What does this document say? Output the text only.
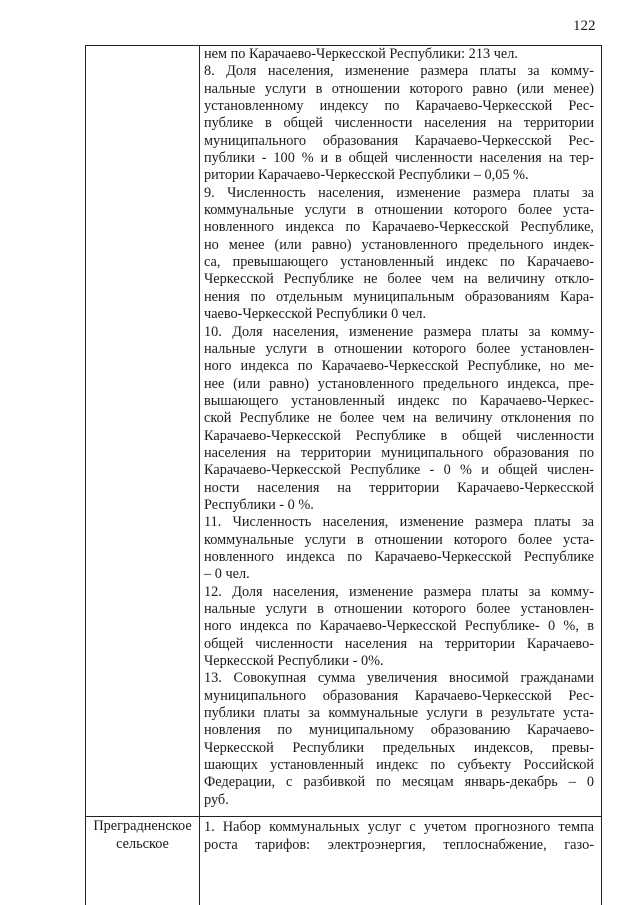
122
нем по Карачаево-Черкесской Республики: 213 чел.
8. Доля населения, изменение размера платы за комму-
нальные услуги в отношении которого равно (или менее)
установленному индексу по Карачаево-Черкесской Рес-
публике в общей численности населения на территории
муниципального образования Карачаево-Черкесской Рес-
публики - 100 % и в общей численности населения на тер-
ритории Карачаево-Черкесской Республики – 0,05 %.
9. Численность населения, изменение размера платы за
коммунальные услуги в отношении которого более уста-
новленного индекса по Карачаево-Черкесской Республике,
но менее (или равно) установленного предельного индек-
са, превышающего установленный индекс по Карачаево-
Черкесской Республике не более чем на величину отклo-
нения по отдельным муниципальным образованиям Кара-
чаево-Черкесской Республики 0 чел.
10. Доля населения, изменение размера платы за комму-
нальные услуги в отношении которого более установлен-
ного индекса по Карачаево-Черкесской Республике, но ме-
нее (или равно) установленного предельного индекса, пре-
вышающего установленный индекс по Карачаево-Черкес-
ской Республике не более чем на величину отклонения по
Карачаево-Черкесской Республике в общей численности
населения на территории муниципального образования по
Карачаево-Черкесской Республике - 0 % и общей числен-
ности населения на территории Карачаево-Черкесской
Республики - 0 %.
11. Численность населения, изменение размера платы за
коммунальные услуги в отношении которого более уста-
новленного индекса по Карачаево-Черкесской Республике
– 0 чел.
12. Доля населения, изменение размера платы за комму-
нальные услуги в отношении которого более установлен-
ного индекса по Карачаево-Черкесской Республике- 0 %, в
общей численности населения на территории Карачаево-
Черкесской Республики - 0%.
13. Совокупная сумма увеличения вносимой гражданами
муниципального образования Карачаево-Черкесской Рес-
публики платы за коммунальные услуги в результате уста-
новления по муниципальному образованию Карачаево-
Черкесской Республики предельных индексов, превы-
шающих установленный индекс по субъекту Российской
Федерации, с разбивкой по месяцам январь-декабрь – 0
руб.
Преградненское
сельское
1. Набор коммунальных услуг с учетом прогнозного темпа
роста тарифов: электроэнергия, теплоснабжение, газо-
